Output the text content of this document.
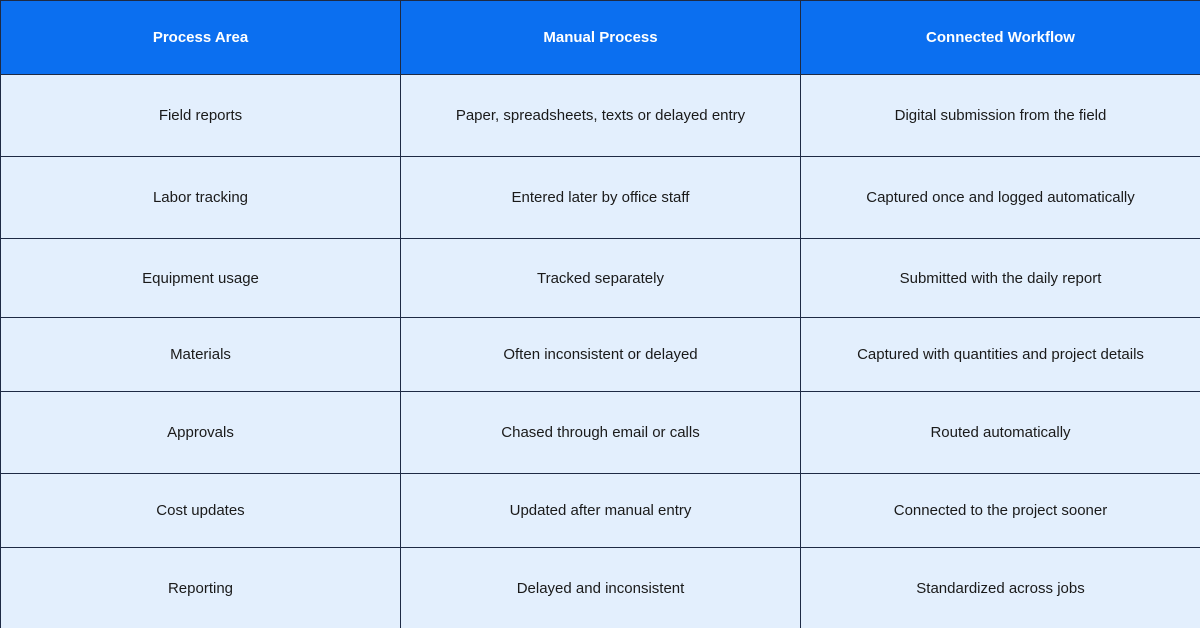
Process Area	Manual Process	Connected Workflow
Field reports	Paper, spreadsheets, texts or delayed entry	Digital submission from the field
Labor tracking	Entered later by office staff	Captured once and logged automatically
Equipment usage	Tracked separately	Submitted with the daily report
Materials	Often inconsistent or delayed	Captured with quantities and project details
Approvals	Chased through email or calls	Routed automatically
Cost updates	Updated after manual entry	Connected to the project sooner
Reporting	Delayed and inconsistent	Standardized across jobs
